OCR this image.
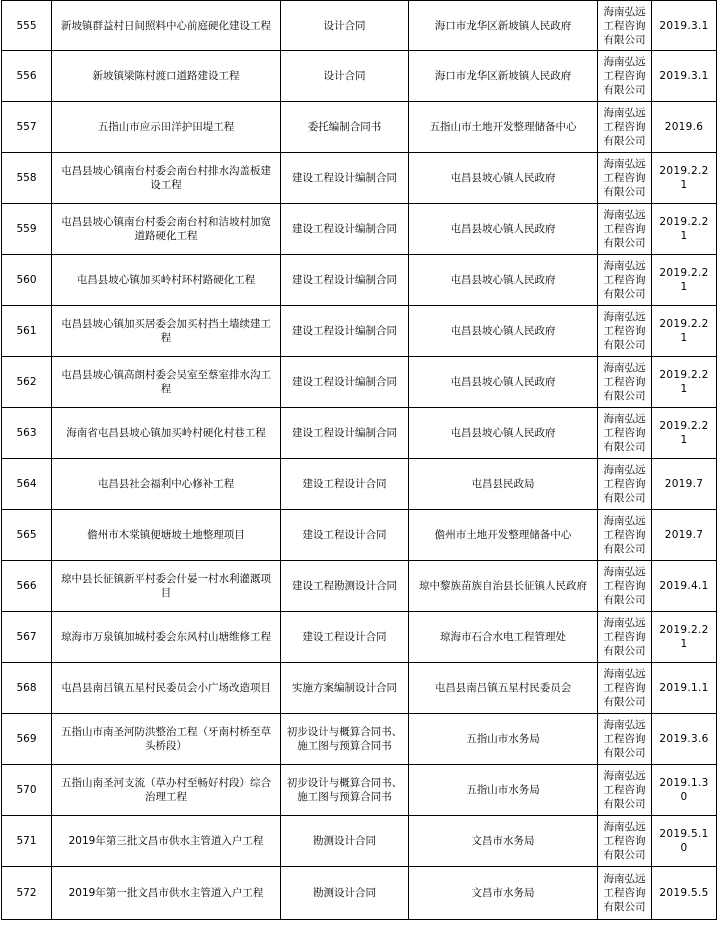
555	新坡镇群益村日间照料中心前庭硬化建设工程	设计合同	海口市龙华区新坡镇人民政府	海南弘远工程咨询有限公司	2019.3.1
556	新坡镇梁陈村渡口道路建设工程	设计合同	海口市龙华区新坡镇人民政府	海南弘远工程咨询有限公司	2019.3.1
557	五指山市应示田洋护田堤工程	委托编制合同书	五指山市土地开发整理储备中心	海南弘远工程咨询有限公司	2019.6
558	屯昌县坡心镇南台村委会南台村排水沟盖板建设工程	建设工程设计编制合同	屯昌县坡心镇人民政府	海南弘远工程咨询有限公司	2019.2.21
559	屯昌县坡心镇南台村委会南台村和洁坡村加宽道路硬化工程	建设工程设计编制合同	屯昌县坡心镇人民政府	海南弘远工程咨询有限公司	2019.2.21
560	屯昌县坡心镇加买岭村环村路硬化工程	建设工程设计编制合同	屯昌县坡心镇人民政府	海南弘远工程咨询有限公司	2019.2.21
561	屯昌县坡心镇加买居委会加买村挡土墙续建工程	建设工程设计编制合同	屯昌县坡心镇人民政府	海南弘远工程咨询有限公司	2019.2.21
562	屯昌县坡心镇高朗村委会吴室至蔡室排水沟工程	建设工程设计编制合同	屯昌县坡心镇人民政府	海南弘远工程咨询有限公司	2019.2.21
563	海南省屯昌县坡心镇加买岭村硬化村巷工程	建设工程设计编制合同	屯昌县坡心镇人民政府	海南弘远工程咨询有限公司	2019.2.21
564	屯昌县社会福利中心修补工程	建设工程设计合同	屯昌县民政局	海南弘远工程咨询有限公司	2019.7
565	儋州市木棠镇便塘坡土地整理项目	建设工程设计合同	儋州市土地开发整理储备中心	海南弘远工程咨询有限公司	2019.7
566	琼中县长征镇新平村委会什晏一村水利灌溉项目	建设工程勘测设计合同	琼中黎族苗族自治县长征镇人民政府	海南弘远工程咨询有限公司	2019.4.1
567	琼海市万泉镇加城村委会东风村山塘维修工程	建设工程设计合同	琼海市石合水电工程管理处	海南弘远工程咨询有限公司	2019.2.21
568	屯昌县南吕镇五星村民委员会小广场改造项目	实施方案编制设计合同	屯昌县南吕镇五星村民委员会	海南弘远工程咨询有限公司	2019.1.1
569	五指山市南圣河防洪整治工程（牙南村桥至草头桥段）	初步设计与概算合同书、施工图与预算合同书	五指山市水务局	海南弘远工程咨询有限公司	2019.3.6
570	五指山南圣河支流（草办村至畅好村段）综合治理工程	初步设计与概算合同书、施工图与预算合同书	五指山市水务局	海南弘远工程咨询有限公司	2019.1.30
571	2019年第三批文昌市供水主管道入户工程	勘测设计合同	文昌市水务局	海南弘远工程咨询有限公司	2019.5.10
572	2019年第一批文昌市供水主管道入户工程	勘测设计合同	文昌市水务局	海南弘远工程咨询有限公司	2019.5.5
